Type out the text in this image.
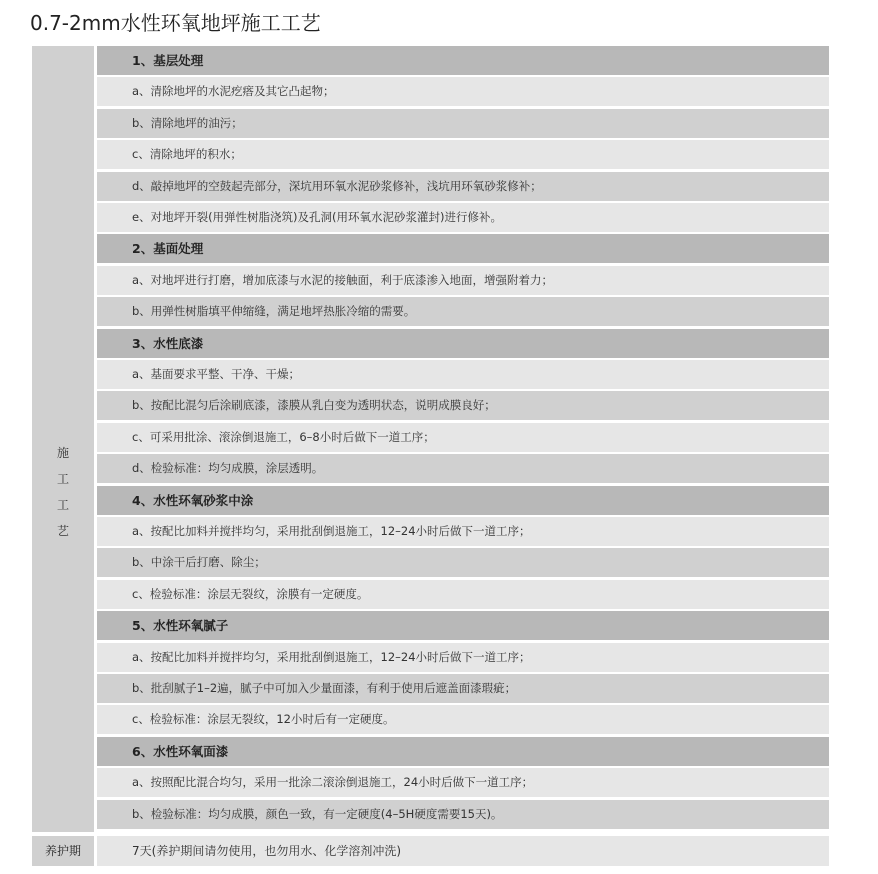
0.7-2mm水性环氧地坪施工工艺
施
工
工
艺
1、基层处理
a、清除地坪的水泥疙瘩及其它凸起物；
b、清除地坪的油污；
c、清除地坪的积水；
d、敲掉地坪的空鼓起壳部分，深坑用环氧水泥砂浆修补，浅坑用环氧砂浆修补；
e、对地坪开裂(用弹性树脂浇筑)及孔洞(用环氧水泥砂浆灌封)进行修补。
2、基面处理
a、对地坪进行打磨，增加底漆与水泥的接触面，利于底漆渗入地面，增强附着力；
b、用弹性树脂填平伸缩缝，满足地坪热胀冷缩的需要。
3、水性底漆
a、基面要求平整、干净、干燥；
b、按配比混匀后涂刷底漆，漆膜从乳白变为透明状态，说明成膜良好；
c、可采用批涂、滚涂倒退施工，6–8小时后做下一道工序；
d、检验标准：均匀成膜，涂层透明。
4、水性环氧砂浆中涂
a、按配比加料并搅拌均匀，采用批刮倒退施工，12–24小时后做下一道工序；
b、中涂干后打磨、除尘；
c、检验标准：涂层无裂纹，涂膜有一定硬度。
5、水性环氧腻子
a、按配比加料并搅拌均匀，采用批刮倒退施工，12–24小时后做下一道工序；
b、批刮腻子1–2遍，腻子中可加入少量面漆，有利于使用后遮盖面漆瑕疵；
c、检验标准：涂层无裂纹，12小时后有一定硬度。
6、水性环氧面漆
a、按照配比混合均匀，采用一批涂二滚涂倒退施工，24小时后做下一道工序；
b、检验标准：均匀成膜，颜色一致，有一定硬度(4–5H硬度需要15天)。
养护期	7天(养护期间请勿使用，也勿用水、化学溶剂冲洗)
